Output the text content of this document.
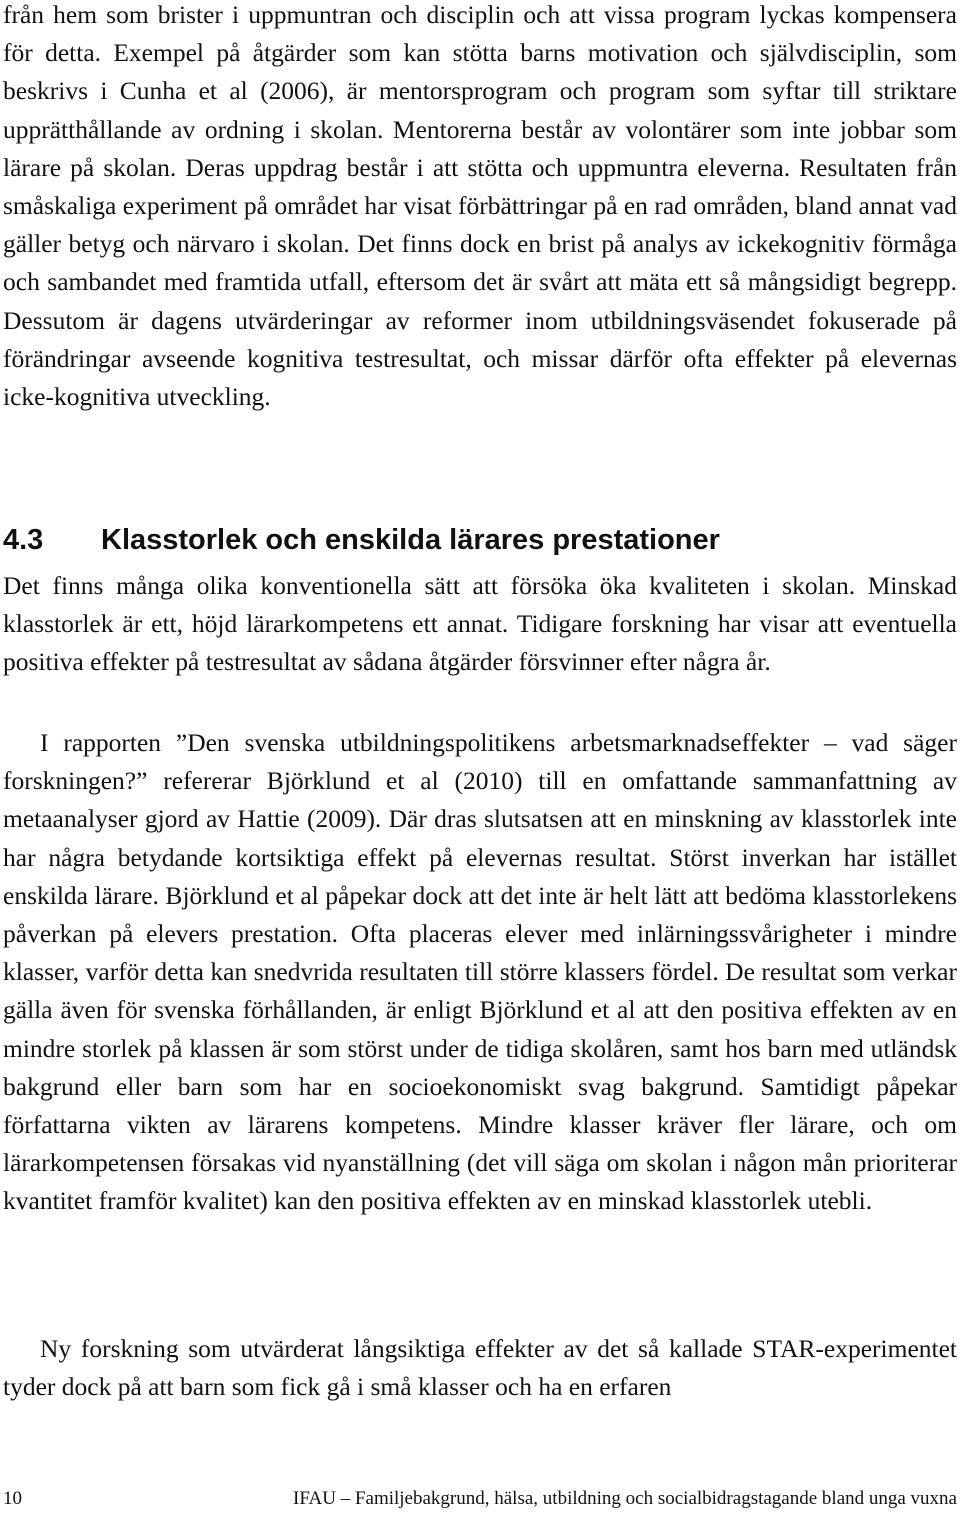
från hem som brister i uppmuntran och disciplin och att vissa program lyckas kompensera för detta. Exempel på åtgärder som kan stötta barns motivation och självdisciplin, som beskrivs i Cunha et al (2006), är mentorsprogram och program som syftar till striktare upprätthållande av ordning i skolan. Mentorerna består av volontärer som inte jobbar som lärare på skolan. Deras uppdrag består i att stötta och uppmuntra eleverna. Resultaten från småskaliga experiment på området har visat förbättringar på en rad områden, bland annat vad gäller betyg och närvaro i skolan. Det finns dock en brist på analys av ickekognitiv förmåga och sambandet med framtida utfall, eftersom det är svårt att mäta ett så mångsidigt begrepp. Dessutom är dagens utvärderingar av reformer inom utbildningsväsendet fokuserade på förändringar avseende kognitiva testresultat, och missar därför ofta effekter på elevernas icke-kognitiva utveckling.

4.3 Klasstorlek och enskilda lärares prestationer

Det finns många olika konventionella sätt att försöka öka kvaliteten i skolan. Minskad klasstorlek är ett, höjd lärarkompetens ett annat. Tidigare forskning har visar att eventuella positiva effekter på testresultat av sådana åtgärder försvinner efter några år.

I rapporten ”Den svenska utbildningspolitikens arbetsmarknadseffekter – vad säger forskningen?” refererar Björklund et al (2010) till en omfattande sammanfattning av metaanalyser gjord av Hattie (2009). Där dras slutsatsen att en minskning av klasstorlek inte har några betydande kortsiktiga effekt på elevernas resultat. Störst inverkan har istället enskilda lärare. Björklund et al påpekar dock att det inte är helt lätt att bedöma klasstorlekens påverkan på elevers prestation. Ofta placeras elever med inlärningssvårigheter i mindre klasser, varför detta kan snedvrida resultaten till större klassers fördel. De resultat som verkar gälla även för svenska förhållanden, är enligt Björklund et al att den positiva effekten av en mindre storlek på klassen är som störst under de tidiga skolåren, samt hos barn med utländsk bakgrund eller barn som har en socioekonomiskt svag bakgrund. Samtidigt påpekar författarna vikten av lärarens kompetens. Mindre klasser kräver fler lärare, och om lärarkompetensen försakas vid nyanställning (det vill säga om skolan i någon mån prioriterar kvantitet framför kvalitet) kan den positiva effekten av en minskad klasstorlek utebli.

Ny forskning som utvärderat långsiktiga effekter av det så kallade STAR-experimentet tyder dock på att barn som fick gå i små klasser och ha en erfaren

10	IFAU – Familjebakgrund, hälsa, utbildning och socialbidragstagande bland unga vuxna
